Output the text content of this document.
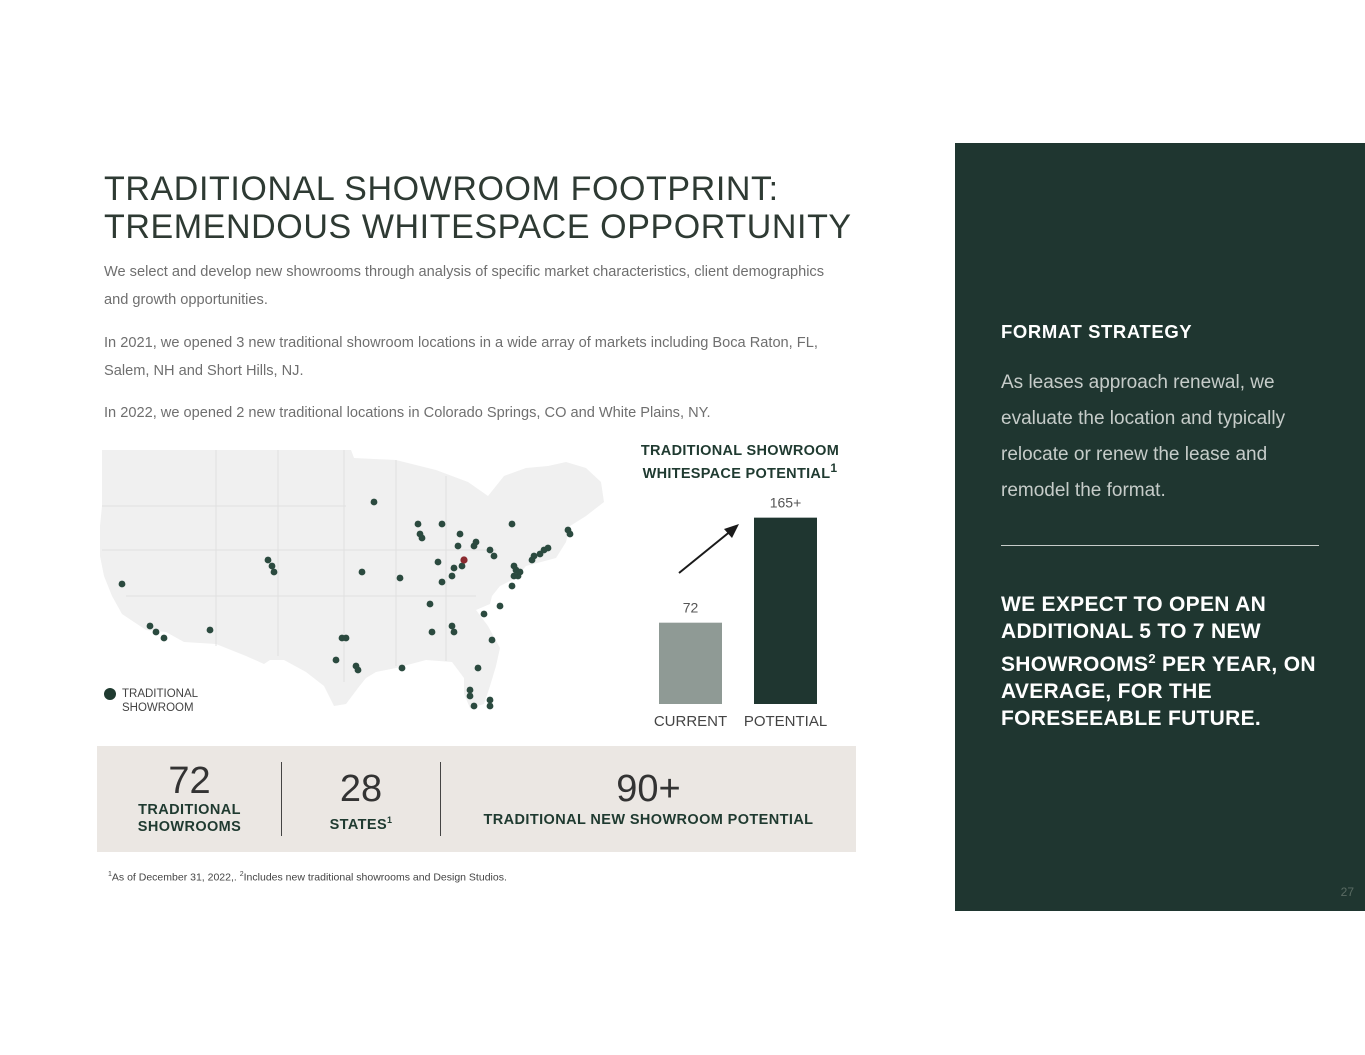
TRADITIONAL SHOWROOM FOOTPRINT:
TREMENDOUS WHITESPACE OPPORTUNITY

We select and develop new showrooms through analysis of specific market characteristics, client demographics and growth opportunities.

In 2021, we opened 3 new traditional showroom locations in a wide array of markets including Boca Raton, FL, Salem, NH and Short Hills, NJ.

In 2022, we opened 2 new traditional locations in Colorado Springs, CO and White Plains, NY.

TRADITIONAL SHOWROOM
TRADITIONAL SHOWROOM
WHITESPACE POTENTIAL$^1$
72
CURRENT
165+
POTENTIAL
72
TRADITIONAL
SHOWROOMS
28
STATES$^1$
90+
TRADITIONAL NEW SHOWROOM POTENTIAL
$^1$As of December 31, 2022,. $^2$Includes new traditional showrooms and Design Studios.
FORMAT STRATEGY
As leases approach renewal, we evaluate the location and typically relocate or renew the lease and remodel the format.
WE EXPECT TO OPEN AN ADDITIONAL 5 TO 7 NEW SHOWROOMS$^2$ PER YEAR, ON AVERAGE, FOR THE FORESEEABLE FUTURE.
27
